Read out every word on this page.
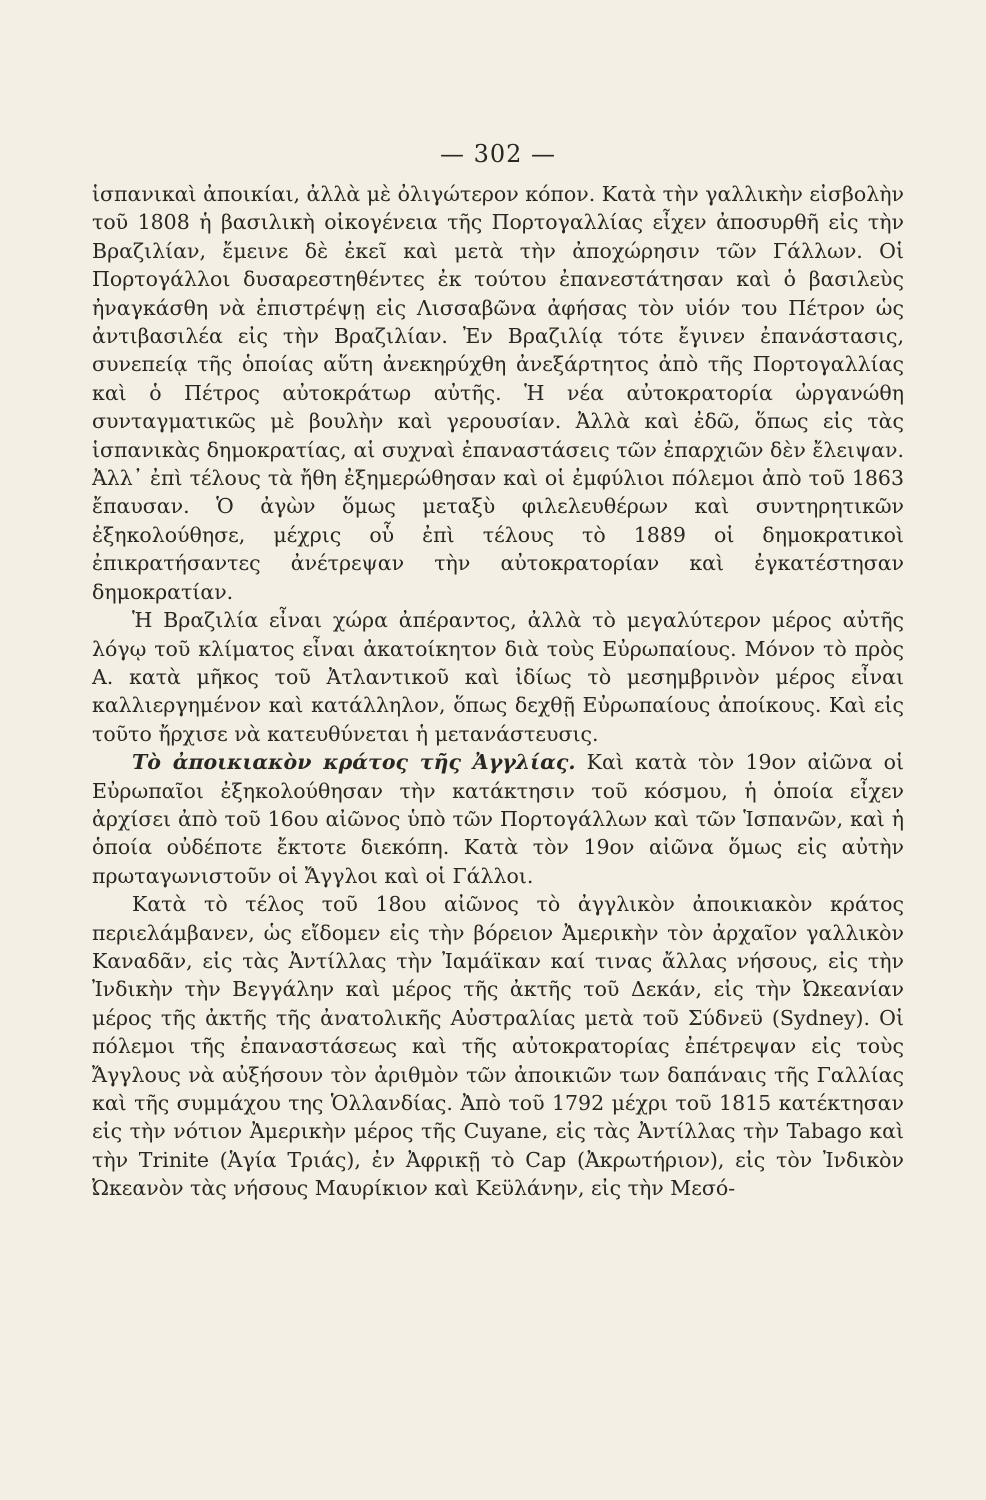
— 302 —

ἱσπανικαὶ ἀποικίαι, ἀλλὰ μὲ ὀλιγώτερον κόπον. Κατὰ τὴν γαλλικὴν εἰσβολὴν τοῦ 1808 ἡ βασιλικὴ οἰκογένεια τῆς Πορτογαλλίας εἶχεν ἀποσυρθῆ εἰς τὴν Βραζιλίαν, ἔμεινε δὲ ἐκεῖ καὶ μετὰ τὴν ἀποχώρησιν τῶν Γάλλων. Οἱ Πορτογάλλοι δυσαρεστηθέντες ἐκ τούτου ἐπανεστάτησαν καὶ ὁ βασιλεὺς ἠναγκάσθη νὰ ἐπιστρέψῃ εἰς Λισσαβῶνα ἀφήσας τὸν υἱόν του Πέτρον ὡς ἀντιβασιλέα εἰς τὴν Βραζιλίαν. Ἐν Βραζιλίᾳ τότε ἔγινεν ἐπανάστασις, συνεπείᾳ τῆς ὁποίας αὕτη ἀνεκηρύχθη ἀνεξάρτητος ἀπὸ τῆς Πορτογαλλίας καὶ ὁ Πέτρος αὐτοκράτωρ αὐτῆς. Ἡ νέα αὐτοκρατορία ὠργανώθη συνταγματικῶς μὲ βουλὴν καὶ γερουσίαν. Ἀλλὰ καὶ ἐδῶ, ὅπως εἰς τὰς ἱσπανικὰς δημοκρατίας, αἱ συχναὶ ἐπαναστάσεις τῶν ἐπαρχιῶν δὲν ἔλειψαν. Ἀλλ᾽ ἐπὶ τέλους τὰ ἤθη ἐξημερώθησαν καὶ οἱ ἐμφύλιοι πόλεμοι ἀπὸ τοῦ 1863 ἔπαυσαν. Ὁ ἀγὼν ὅμως μεταξὺ φιλελευθέρων καὶ συντηρητικῶν ἐξηκολούθησε, μέχρις οὗ ἐπὶ τέλους τὸ 1889 οἱ δημοκρατικοὶ ἐπικρατήσαντες ἀνέτρεψαν τὴν αὐτοκρατορίαν καὶ ἐγκατέστησαν δημοκρατίαν.

Ἡ Βραζιλία εἶναι χώρα ἀπέραντος, ἀλλὰ τὸ μεγαλύτερον μέρος αὐτῆς λόγῳ τοῦ κλίματος εἶναι ἀκατοίκητον διὰ τοὺς Εὐρωπαίους. Μόνον τὸ πρὸς Α. κατὰ μῆκος τοῦ Ἀτλαντικοῦ καὶ ἰδίως τὸ μεσημβρινὸν μέρος εἶναι καλλιεργημένον καὶ κατάλληλον, ὅπως δεχθῇ Εὐρωπαίους ἀποίκους. Καὶ εἰς τοῦτο ἤρχισε νὰ κατευθύνεται ἡ μετανάστευσις.

Τὸ ἀποικιακὸν κράτος τῆς Ἀγγλίας. Καὶ κατὰ τὸν 19ον αἰῶνα οἱ Εὐρωπαῖοι ἐξηκολούθησαν τὴν κατάκτησιν τοῦ κόσμου, ἡ ὁποία εἶχεν ἀρχίσει ἀπὸ τοῦ 16ου αἰῶνος ὑπὸ τῶν Πορτογάλλων καὶ τῶν Ἱσπανῶν, καὶ ἡ ὁποία οὐδέποτε ἔκτοτε διεκόπη. Κατὰ τὸν 19ον αἰῶνα ὅμως εἰς αὐτὴν πρωταγωνιστοῦν οἱ Ἄγγλοι καὶ οἱ Γάλλοι.

Κατὰ τὸ τέλος τοῦ 18ου αἰῶνος τὸ ἀγγλικὸν ἀποικιακὸν κράτος περιελάμβανεν, ὡς εἴδομεν εἰς τὴν βόρειον Ἀμερικὴν τὸν ἀρχαῖον γαλλικὸν Καναδᾶν, εἰς τὰς Ἀντίλλας τὴν Ἰαμάϊκαν καί τινας ἄλλας νήσους, εἰς τὴν Ἰνδικὴν τὴν Βεγγάλην καὶ μέρος τῆς ἀκτῆς τοῦ Δεκάν, εἰς τὴν Ὠκεανίαν μέρος τῆς ἀκτῆς τῆς ἀνατολικῆς Αὐστραλίας μετὰ τοῦ Σύδνεϋ (Sydney). Οἱ πόλεμοι τῆς ἐπαναστάσεως καὶ τῆς αὐτοκρατορίας ἐπέτρεψαν εἰς τοὺς Ἄγγλους νὰ αὐξήσουν τὸν ἀριθμὸν τῶν ἀποικιῶν των δαπάναις τῆς Γαλλίας καὶ τῆς συμμάχου της Ὁλλανδίας. Ἀπὸ τοῦ 1792 μέχρι τοῦ 1815 κατέκτησαν εἰς τὴν νότιον Ἀμερικὴν μέρος τῆς Cuyane, εἰς τὰς Ἀντίλλας τὴν Tabago καὶ τὴν Trinite (Ἁγία Τριάς), ἐν Ἀφρικῇ τὸ Cap (Ἀκρωτήριον), εἰς τὸν Ἰνδικὸν Ὠκεανὸν τὰς νήσους Μαυρίκιον καὶ Κεϋλάνην, εἰς τὴν Μεσό-
